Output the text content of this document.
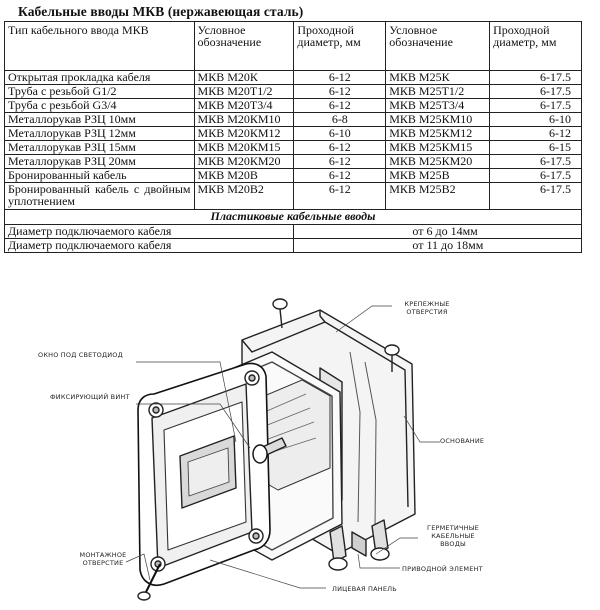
Кабельные вводы МКВ (нержавеющая сталь)
Тип кабельного ввода МКВ	Условное обозначение	Проходной диаметр, мм	Условное обозначение	Проходной диаметр, мм
Открытая прокладка кабеля	МКВ М20К	6-12	МКВ М25К	6-17.5
Труба с резьбой G1/2	МКВ М20Т1/2	6-12	МКВ М25Т1/2	6-17.5
Труба с резьбой G3/4	МКВ М20Т3/4	6-12	МКВ М25Т3/4	6-17.5
Металлорукав РЗЦ 10мм	МКВ М20КМ10	6-8	МКВ М25КМ10	6-10
Металлорукав РЗЦ 12мм	МКВ М20КМ12	6-10	МКВ М25КМ12	6-12
Металлорукав РЗЦ 15мм	МКВ М20КМ15	6-12	МКВ М25КМ15	6-15
Металлорукав РЗЦ 20мм	МКВ М20КМ20	6-12	МКВ М25КМ20	6-17.5
Бронированный кабель	МКВ М20В	6-12	МКВ М25В	6-17.5
Бронированный кабель с двойным уплотнением	МКВ М20В2	6-12	МКВ М25В2	6-17.5
Пластиковые кабельные вводы				
Диаметр подключаемого кабеля		от 6 до 14мм		
Диаметр подключаемого кабеля		от 11 до 18мм		
КРЕПЕЖНЫЕ ОТВЕРСТИЯ
ОКНО ПОД СВЕТОДИОД
ФИКСИРУЮЩИЙ ВИНТ
ОСНОВАНИЕ
ГЕРМЕТИЧНЫЕ КАБЕЛЬНЫЕ ВВОДЫ
ПРИВОДНОЙ ЭЛЕМЕНТ
МОНТАЖНОЕ ОТВЕРСТИЕ
ЛИЦЕВАЯ ПАНЕЛЬ
